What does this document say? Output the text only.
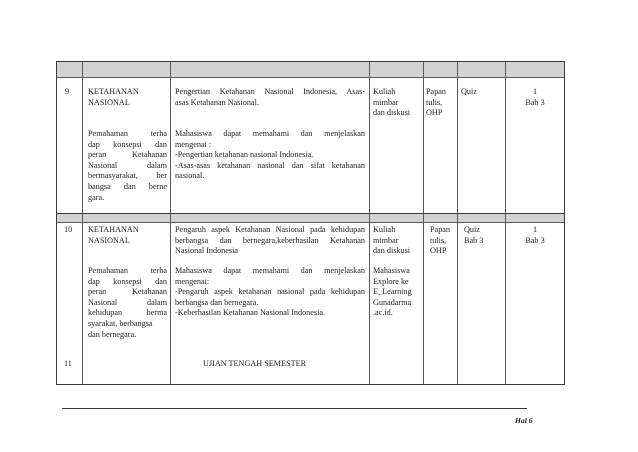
9 KETAHANAN
NASIONAL
Pemahaman terha
dap konsepsi dan
peran Ketahanan
Nasional dalam
bermasyarakat, ber
bangsa dan berne
gara.
Pengertian Ketahanan Nasional Indonesia, Asas-
asas Ketahanan Nasional.
Mahasiswa dapat memahami dan menjelaskan
mengenai :
-Pengertian ketahanan nasional Indonesia.
-Asas-asas ketahanan nasional dan sifat ketahanan
nasional.
Kuliah
mimbar
dan diskusi
Papan
tulis,
OHP
Quiz	1
Bab 3
10 KETAHANAN
NASIONAL
Pemahaman terha
dap konsepsi dan
peran Ketahanan
Nasional dalam
kehidupan berma
syarakat, berbangsa
dan bernegara.
Pengaruh aspek Ketahanan Nasional pada kehidupan
berbangsa dan bernegara,keberhasilan Ketahanan
Nasional Indonesia
Mahasiswa dapat memahami dan menjelaskan
mengenai:
-Pengaruh aspek ketahanan nasional pada kehidupan
berbangsa dan bernegara.
-Keberhasilan Ketahanan Nasional Indonesia.
Kuliah
mimbar
dan diskusi
Mahasiswa
Explore ke
E_Learning
Gunadarma
.ac.id.
Papan
tulis,
OHP
Quiz
Bab 3
1
Bab 3
11	UJIAN TENGAH SEMESTER
Hal 6
